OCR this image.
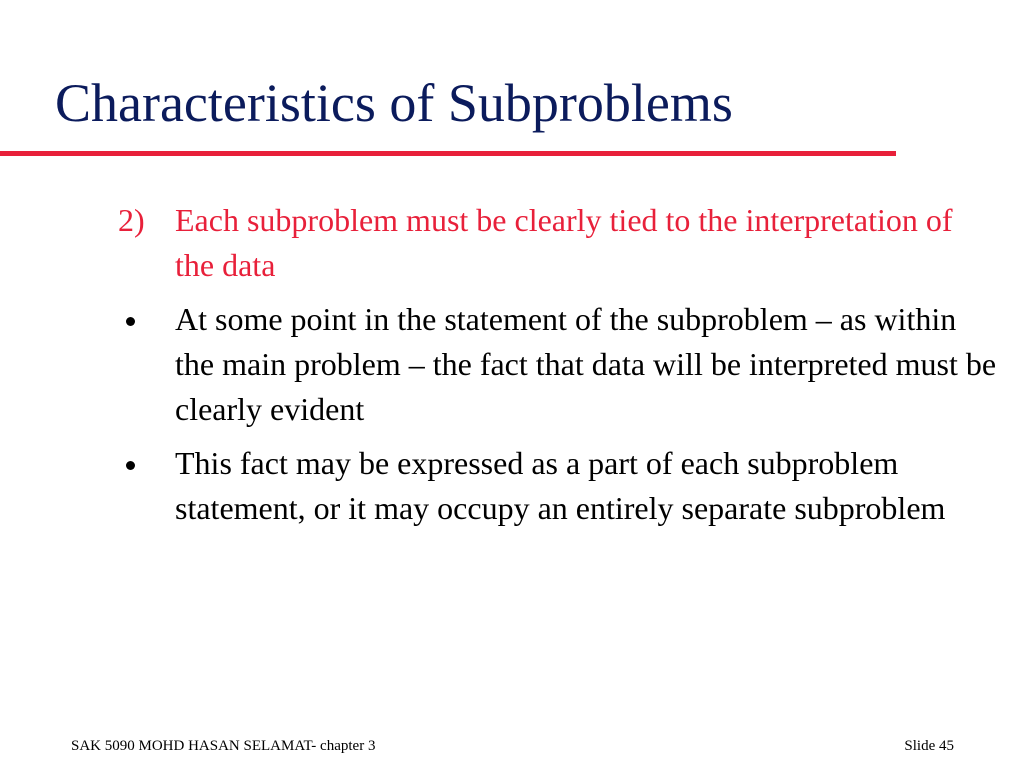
Characteristics of Subproblems
2) Each subproblem must be clearly tied to the interpretation of the data
At some point in the statement of the subproblem – as within the main problem – the fact that data will be interpreted must be clearly evident
This fact may be expressed as a part of each subproblem statement, or it may occupy an entirely separate subproblem
SAK 5090 MOHD HASAN SELAMAT- chapter 3	Slide 45
